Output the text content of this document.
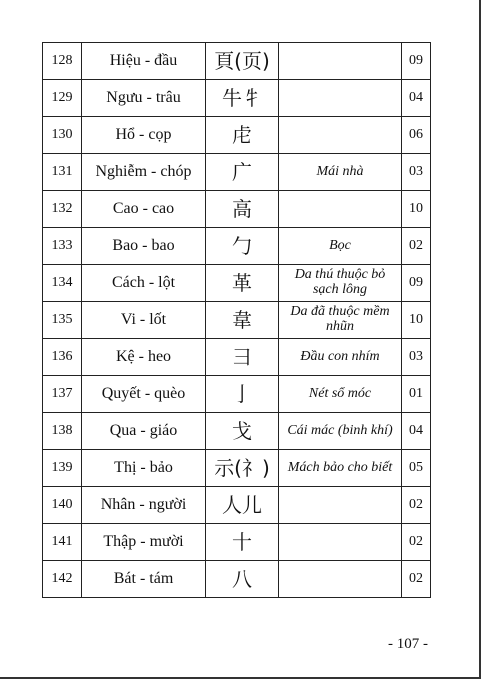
128	Hiệu - đầu	頁(页)		09
129	Ngưu - trâu	牛牜		04
130	Hổ - cọp	虍		06
131	Nghiễm - chóp	广	Mái nhà	03
132	Cao - cao	高		10
133	Bao - bao	勹	Bọc	02
134	Cách - lột	革	Da thú thuộc bỏ sạch lông	09
135	Vi - lốt	韋	Da đã thuộc mềm nhũn	10
136	Kệ - heo	彐	Đầu con nhím	03
137	Quyết - quèo	亅	Nét sổ móc	01
138	Qua - giáo	戈	Cái mác (binh khí)	04
139	Thị - bảo	示(礻)	Mách bảo cho biết	05
140	Nhân - người	人儿		02
141	Thập - mười	十		02
142	Bát - tám	八		02
- 107 -
